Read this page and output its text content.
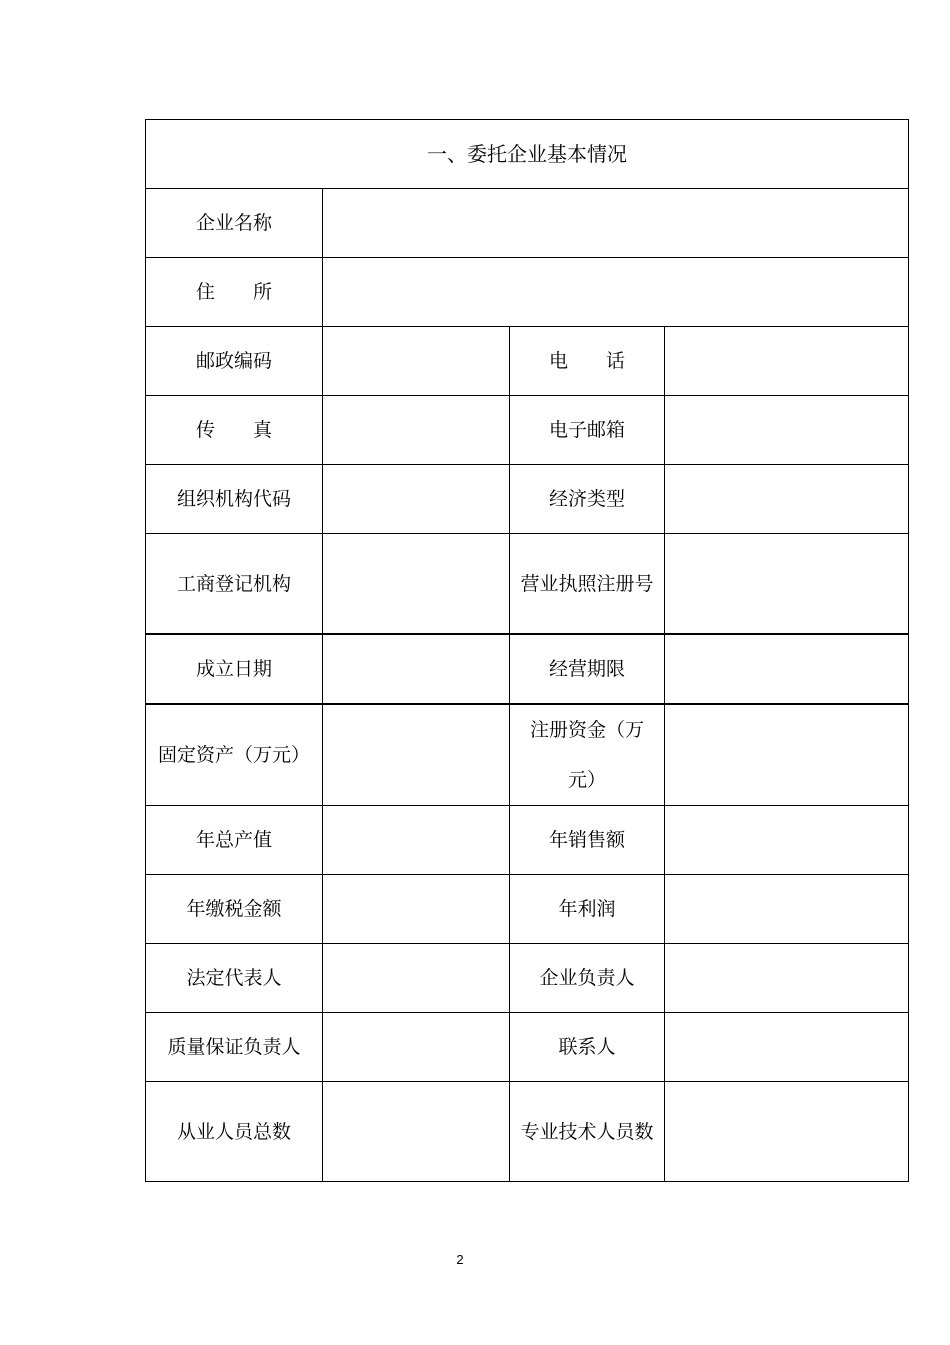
一、委托企业基本情况			
企业名称			
住　　所			
邮政编码		电　　话	
传　　真		电子邮箱	
组织机构代码		经济类型	
工商登记机构		营业执照注册号	
成立日期		经营期限	
固定资产（万元）		注册资金（万元）	
年总产值		年销售额	
年缴税金额		年利润	
法定代表人		企业负责人	
质量保证负责人		联系人	
从业人员总数		专业技术人员数	
2
